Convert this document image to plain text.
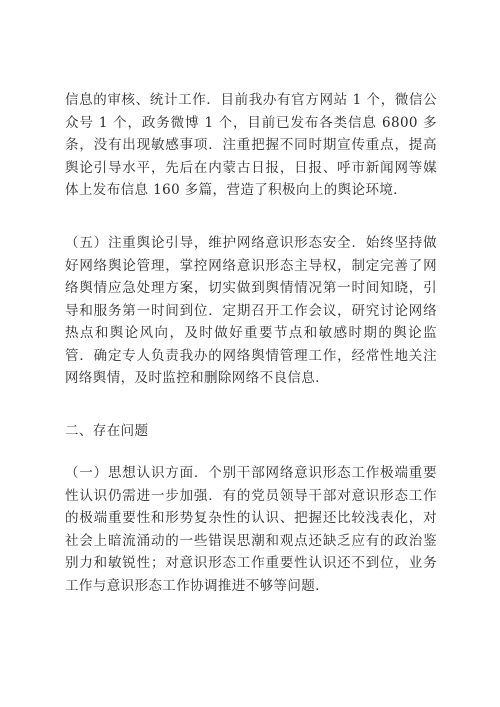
信息的审核、统计工作．目前我办有官方网站 1 个，微信公众号 1 个，政务微博 1 个，目前已发布各类信息 6800 多条，没有出现敏感事项．注重把握不同时期宣传重点，提高舆论引导水平，先后在内蒙古日报，日报、呼市新闻网等媒体上发布信息 160 多篇，营造了积极向上的舆论环境．

（五）注重舆论引导，维护网络意识形态安全．始终坚持做好网络舆论管理，掌控网络意识形态主导权，制定完善了网络舆情应急处理方案，切实做到舆情情况第一时间知晓，引导和服务第一时间到位．定期召开工作会议，研究讨论网络热点和舆论风向，及时做好重要节点和敏感时期的舆论监管．确定专人负责我办的网络舆情管理工作，经常性地关注网络舆情，及时监控和删除网络不良信息．

二、存在问题

（一）思想认识方面．个别干部网络意识形态工作极端重要性认识仍需进一步加强．有的党员领导干部对意识形态工作的极端重要性和形势复杂性的认识、把握还比较浅表化，对社会上暗流涌动的一些错误思潮和观点还缺乏应有的政治鉴别力和敏锐性；对意识形态工作重要性认识还不到位，业务工作与意识形态工作协调推进不够等问题．
